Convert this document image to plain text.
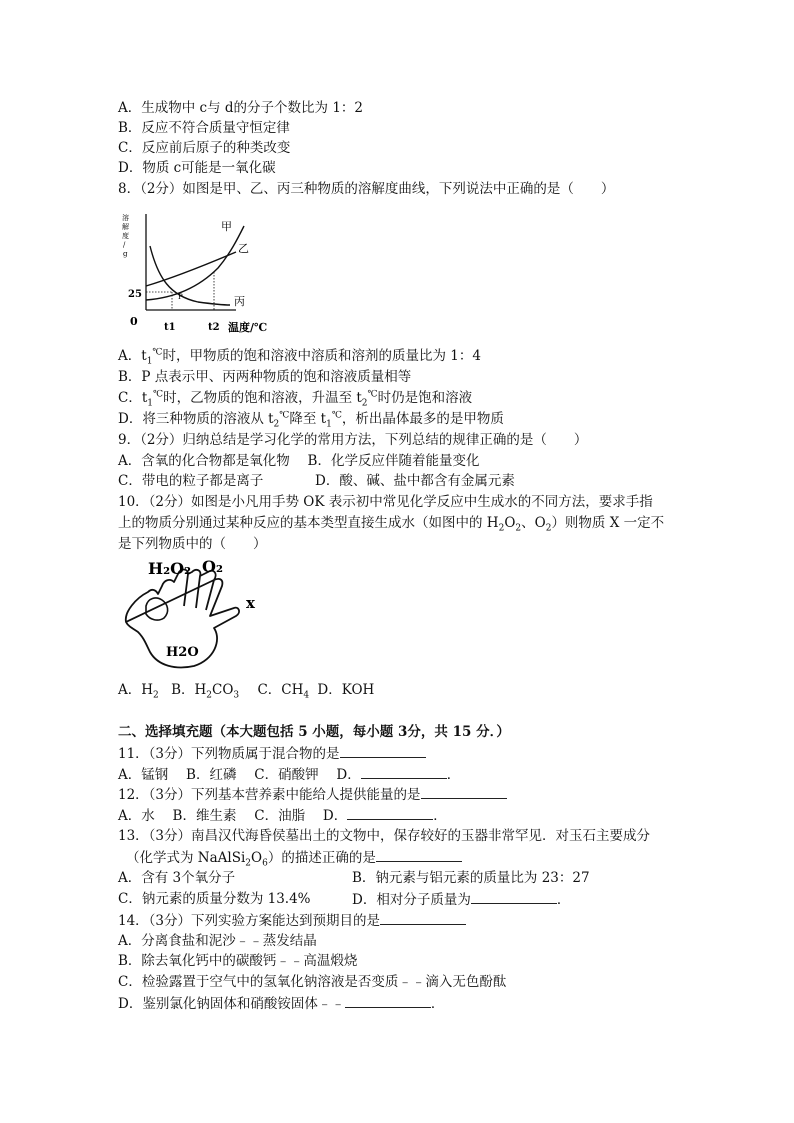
A．生成物中 c与 d的分子个数比为 1：2
B．反应不符合质量守恒定律
C．反应前后原子的种类改变
D．物质 c可能是一氧化碳
8．（2分）如图是甲、乙、丙三种物质的溶解度曲线，下列说法中正确的是（　　）
溶
解
度
/
g
25
0
甲
乙
丙
P
t1	t2 温度/℃
A．$t_1^℃$时，甲物质的饱和溶液中溶质和溶剂的质量比为 1：4
B．P 点表示甲、丙两种物质的饱和溶液质量相等
C．$t_1^℃$时，乙物质的饱和溶液，升温至 $t_2^℃$时仍是饱和溶液
D．将三种物质的溶液从 $t_2^℃$降至 $t_1^℃$，析出晶体最多的是甲物质
9．（2分）归纳总结是学习化学的常用方法，下列总结的规律正确的是（　　）
A．含氧的化合物都是氧化物　 B．化学反应伴随着能量变化
C．带电的粒子都是离子	D．酸、碱、盐中都含有金属元素
10．（2分）如图是小凡用手势 OK 表示初中常见化学反应中生成水的不同方法，要求手指
上的物质分别通过某种反应的基本类型直接生成水（如图中的 $H_2O_2$、$O_2$）则物质 X 一定不
是下列物质中的（　　）
H₂O₂ O₂
x
H2O
A．$H_2$ B．$H_2CO_3$ C．$CH_4$ D．KOH
二、选择填充题（本大题包括 5 小题，每小题 3分，共 15 分．）
11．（3分）下列物质属于混合物的是
A．锰钢　 B．红磷　 C．硝酸钾　 D．	．
12．（3分）下列基本营养素中能给人提供能量的是
A．水　 B．维生素　 C．油脂　 D．	．
13．（3分）南昌汉代海昏侯墓出土的文物中，保存较好的玉器非常罕见．对玉石主要成分
（化学式为 $NaAlSi_2O_6$）的描述正确的是
A．含有 3个氧分子	B．钠元素与铝元素的质量比为 23：27
C．钠元素的质量分数为 13.4%	D．相对分子质量为	．
14．（3分）下列实验方案能达到预期目的是
A．分离食盐和泥沙﹣﹣蒸发结晶
B．除去氧化钙中的碳酸钙﹣﹣高温煅烧
C．检验露置于空气中的氢氧化钠溶液是否变质﹣﹣滴入无色酚酞
D．鉴别氯化钠固体和硝酸铵固体﹣﹣	．
